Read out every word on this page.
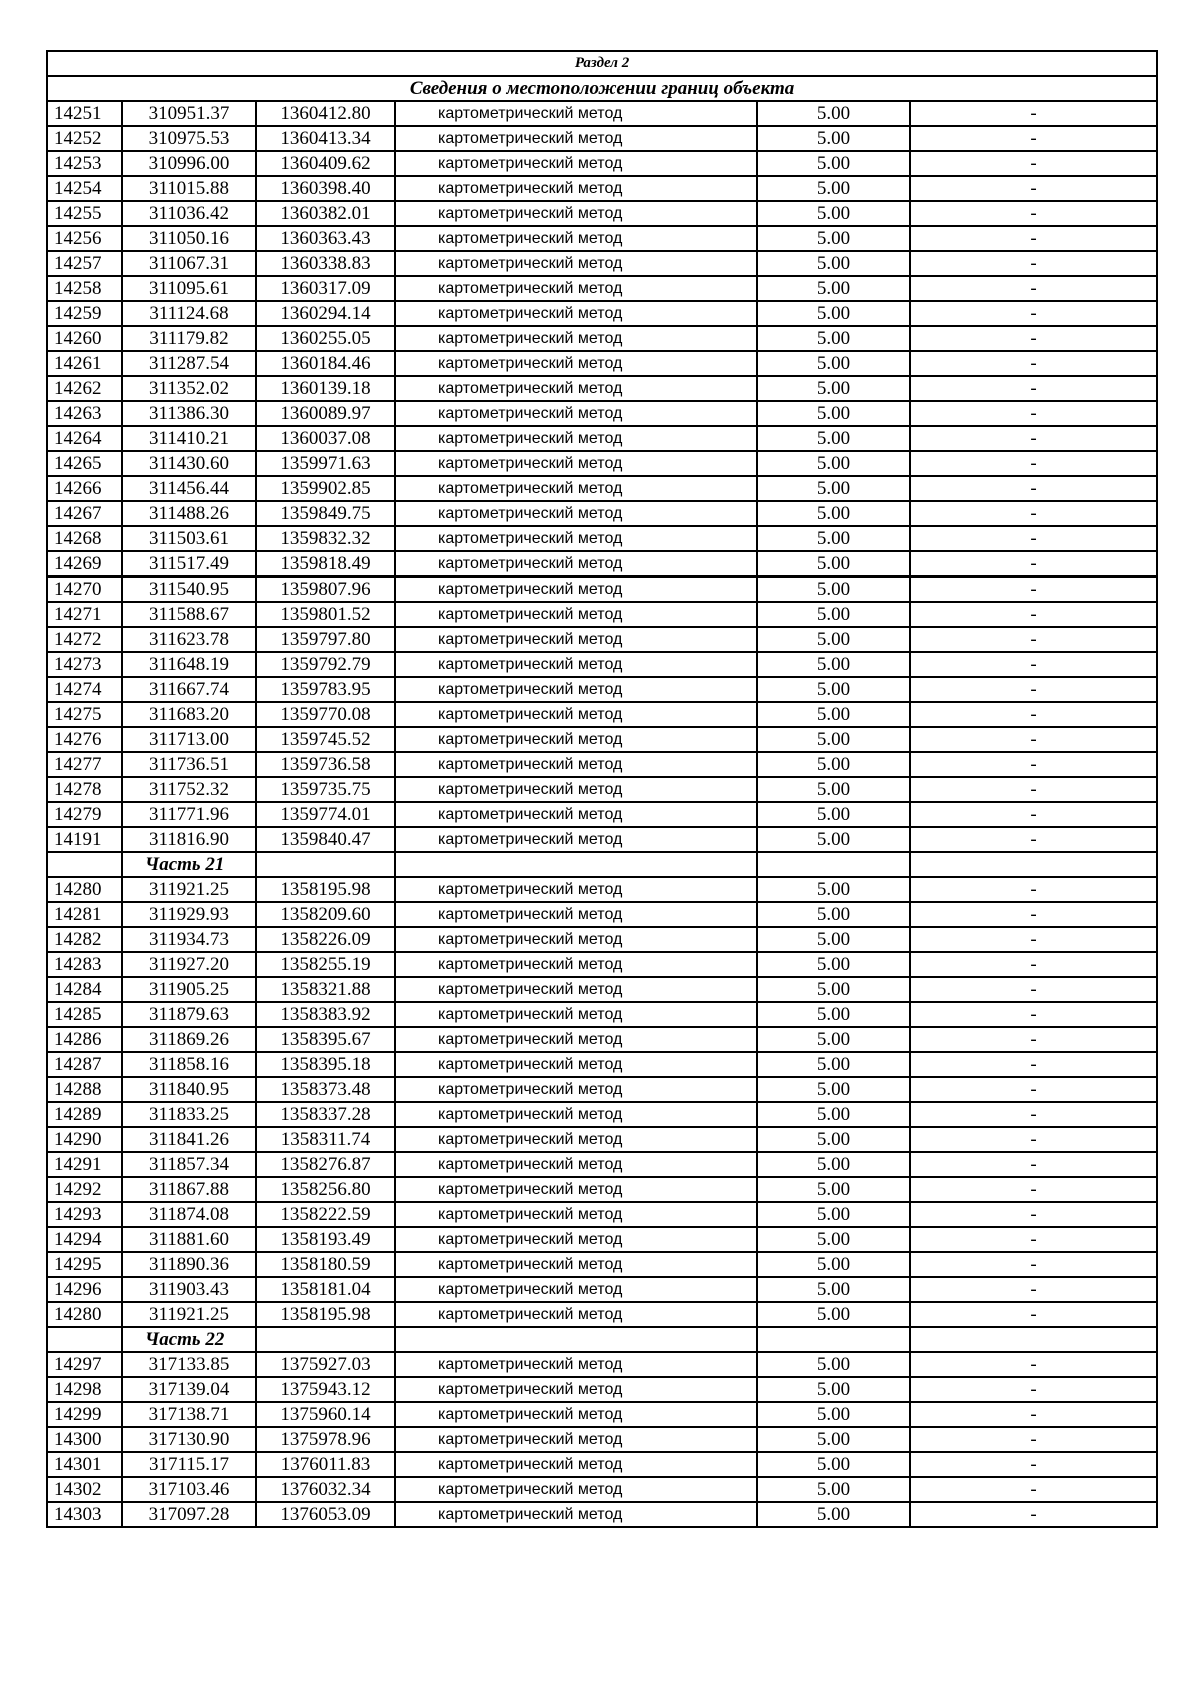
Раздел 2					
Сведения о местоположении границ объекта					
14251	310951.37	1360412.80	картометрический метод	5.00	-
14252	310975.53	1360413.34	картометрический метод	5.00	-
14253	310996.00	1360409.62	картометрический метод	5.00	-
14254	311015.88	1360398.40	картометрический метод	5.00	-
14255	311036.42	1360382.01	картометрический метод	5.00	-
14256	311050.16	1360363.43	картометрический метод	5.00	-
14257	311067.31	1360338.83	картометрический метод	5.00	-
14258	311095.61	1360317.09	картометрический метод	5.00	-
14259	311124.68	1360294.14	картометрический метод	5.00	-
14260	311179.82	1360255.05	картометрический метод	5.00	-
14261	311287.54	1360184.46	картометрический метод	5.00	-
14262	311352.02	1360139.18	картометрический метод	5.00	-
14263	311386.30	1360089.97	картометрический метод	5.00	-
14264	311410.21	1360037.08	картометрический метод	5.00	-
14265	311430.60	1359971.63	картометрический метод	5.00	-
14266	311456.44	1359902.85	картометрический метод	5.00	-
14267	311488.26	1359849.75	картометрический метод	5.00	-
14268	311503.61	1359832.32	картометрический метод	5.00	-
14269	311517.49	1359818.49	картометрический метод	5.00	-
14270	311540.95	1359807.96	картометрический метод	5.00	-
14271	311588.67	1359801.52	картометрический метод	5.00	-
14272	311623.78	1359797.80	картометрический метод	5.00	-
14273	311648.19	1359792.79	картометрический метод	5.00	-
14274	311667.74	1359783.95	картометрический метод	5.00	-
14275	311683.20	1359770.08	картометрический метод	5.00	-
14276	311713.00	1359745.52	картометрический метод	5.00	-
14277	311736.51	1359736.58	картометрический метод	5.00	-
14278	311752.32	1359735.75	картометрический метод	5.00	-
14279	311771.96	1359774.01	картометрический метод	5.00	-
14191	311816.90	1359840.47	картометрический метод	5.00	-
	Часть 21				
14280	311921.25	1358195.98	картометрический метод	5.00	-
14281	311929.93	1358209.60	картометрический метод	5.00	-
14282	311934.73	1358226.09	картометрический метод	5.00	-
14283	311927.20	1358255.19	картометрический метод	5.00	-
14284	311905.25	1358321.88	картометрический метод	5.00	-
14285	311879.63	1358383.92	картометрический метод	5.00	-
14286	311869.26	1358395.67	картометрический метод	5.00	-
14287	311858.16	1358395.18	картометрический метод	5.00	-
14288	311840.95	1358373.48	картометрический метод	5.00	-
14289	311833.25	1358337.28	картометрический метод	5.00	-
14290	311841.26	1358311.74	картометрический метод	5.00	-
14291	311857.34	1358276.87	картометрический метод	5.00	-
14292	311867.88	1358256.80	картометрический метод	5.00	-
14293	311874.08	1358222.59	картометрический метод	5.00	-
14294	311881.60	1358193.49	картометрический метод	5.00	-
14295	311890.36	1358180.59	картометрический метод	5.00	-
14296	311903.43	1358181.04	картометрический метод	5.00	-
14280	311921.25	1358195.98	картометрический метод	5.00	-
	Часть 22				
14297	317133.85	1375927.03	картометрический метод	5.00	-
14298	317139.04	1375943.12	картометрический метод	5.00	-
14299	317138.71	1375960.14	картометрический метод	5.00	-
14300	317130.90	1375978.96	картометрический метод	5.00	-
14301	317115.17	1376011.83	картометрический метод	5.00	-
14302	317103.46	1376032.34	картометрический метод	5.00	-
14303	317097.28	1376053.09	картометрический метод	5.00	-
